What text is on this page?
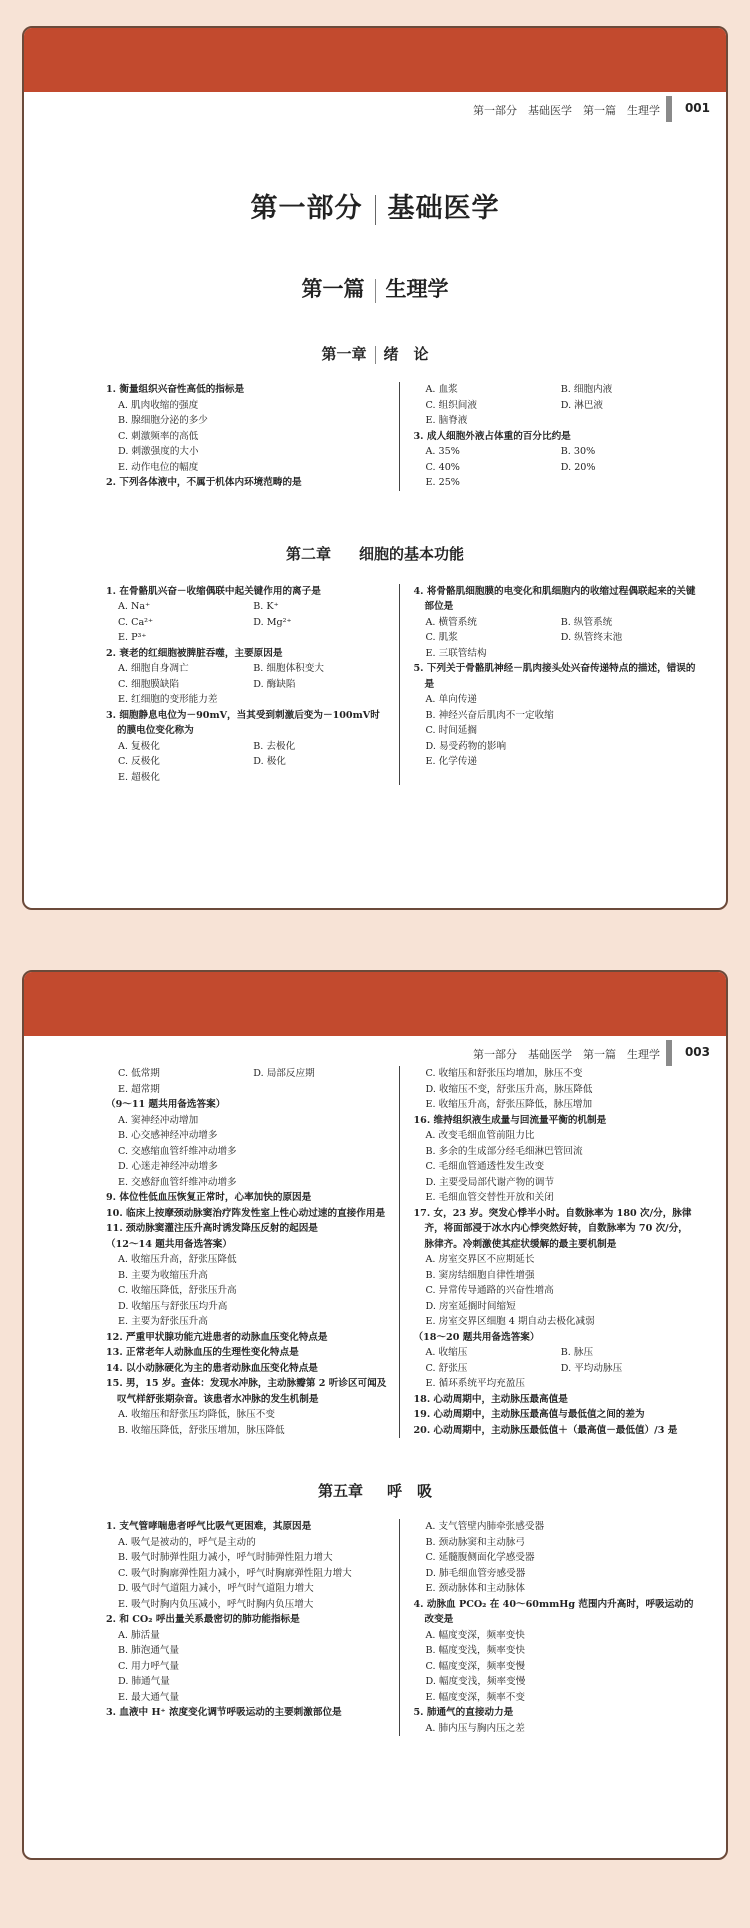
第一部分　基础医学　第一篇　生理学 001
第一部分 基础医学
第一篇 生理学
第一章 绪　论
1. 衡量组织兴奋性高低的指标是
A. 肌肉收缩的强度
B. 腺细胞分泌的多少
C. 刺激频率的高低
D. 刺激强度的大小
E. 动作电位的幅度
2. 下列各体液中，不属于机体内环境范畴的是
A. 血浆	B. 细胞内液
C. 组织间液	D. 淋巴液
E. 脑脊液
3. 成人细胞外液占体重的百分比约是
A. 35%	B. 30%
C. 40%	D. 20%
E. 25%
第二章 细胞的基本功能
1. 在骨骼肌兴奋－收缩偶联中起关键作用的离子是
A. Na⁺	B. K⁺
C. Ca²⁺	D. Mg²⁺
E. P³⁺
2. 衰老的红细胞被脾脏吞噬，主要原因是
A. 细胞自身凋亡	B. 细胞体积变大
C. 细胞膜缺陷	D. 酶缺陷
E. 红细胞的变形能力差
3. 细胞静息电位为－90mV，当其受到刺激后变为－100mV时的膜电位变化称为
A. 复极化	B. 去极化
C. 反极化	D. 极化
E. 超极化
4. 将骨骼肌细胞膜的电变化和肌细胞内的收缩过程偶联起来的关键部位是
A. 横管系统	B. 纵管系统
C. 肌浆	D. 纵管终末池
E. 三联管结构
5. 下列关于骨骼肌神经－肌肉接头处兴奋传递特点的描述，错误的是
A. 单向传递
B. 神经兴奋后肌肉不一定收缩
C. 时间延搁
D. 易受药物的影响
E. 化学传递
第一部分　基础医学　第一篇　生理学 003
C. 低常期	D. 局部反应期
E. 超常期
（9～11 题共用备选答案）
A. 窦神经冲动增加
B. 心交感神经冲动增多
C. 交感缩血管纤维冲动增多
D. 心迷走神经冲动增多
E. 交感舒血管纤维冲动增多
9. 体位性低血压恢复正常时，心率加快的原因是
10. 临床上按摩颈动脉窦治疗阵发性室上性心动过速的直接作用是
11. 颈动脉窦灌注压升高时诱发降压反射的起因是
（12～14 题共用备选答案）
A. 收缩压升高，舒张压降低
B. 主要为收缩压升高
C. 收缩压降低，舒张压升高
D. 收缩压与舒张压均升高
E. 主要为舒张压升高
12. 严重甲状腺功能亢进患者的动脉血压变化特点是
13. 正常老年人动脉血压的生理性变化特点是
14. 以小动脉硬化为主的患者动脉血压变化特点是
15. 男，15 岁。查体：发现水冲脉，主动脉瓣第 2 听诊区可闻及叹气样舒张期杂音。该患者水冲脉的发生机制是
A. 收缩压和舒张压均降低，脉压不变
B. 收缩压降低，舒张压增加，脉压降低
C. 收缩压和舒张压均增加，脉压不变
D. 收缩压不变，舒张压升高，脉压降低
E. 收缩压升高，舒张压降低，脉压增加
16. 维持组织液生成量与回流量平衡的机制是
A. 改变毛细血管前阻力比
B. 多余的生成部分经毛细淋巴管回流
C. 毛细血管通透性发生改变
D. 主要受局部代谢产物的调节
E. 毛细血管交替性开放和关闭
17. 女，23 岁。突发心悸半小时。自数脉率为 180 次/分，脉律齐，将面部浸于冰水内心悸突然好转，自数脉率为 70 次/分，脉律齐。冷刺激使其症状缓解的最主要机制是
A. 房室交界区不应期延长
B. 窦房结细胞自律性增强
C. 异常传导通路的兴奋性增高
D. 房室延搁时间缩短
E. 房室交界区细胞 4 期自动去极化减弱
（18～20 题共用备选答案）
A. 收缩压	B. 脉压
C. 舒张压	D. 平均动脉压
E. 循环系统平均充盈压
18. 心动周期中，主动脉压最高值是
19. 心动周期中，主动脉压最高值与最低值之间的差为
20. 心动周期中，主动脉压最低值＋（最高值－最低值）/3 是
第五章 呼　吸
1. 支气管哮喘患者呼气比吸气更困难，其原因是
A. 吸气是被动的，呼气是主动的
B. 吸气时肺弹性阻力减小，呼气时肺弹性阻力增大
C. 吸气时胸廓弹性阻力减小，呼气时胸廓弹性阻力增大
D. 吸气时气道阻力减小，呼气时气道阻力增大
E. 吸气时胸内负压减小，呼气时胸内负压增大
2. 和 CO₂ 呼出量关系最密切的肺功能指标是
A. 肺活量
B. 肺泡通气量
C. 用力呼气量
D. 肺通气量
E. 最大通气量
3. 血液中 H⁺ 浓度变化调节呼吸运动的主要刺激部位是
A. 支气管壁内肺牵张感受器
B. 颈动脉窦和主动脉弓
C. 延髓腹侧面化学感受器
D. 肺毛细血管旁感受器
E. 颈动脉体和主动脉体
4. 动脉血 PCO₂ 在 40～60mmHg 范围内升高时，呼吸运动的改变是
A. 幅度变深，频率变快
B. 幅度变浅，频率变快
C. 幅度变深，频率变慢
D. 幅度变浅，频率变慢
E. 幅度变深，频率不变
5. 肺通气的直接动力是
A. 肺内压与胸内压之差
